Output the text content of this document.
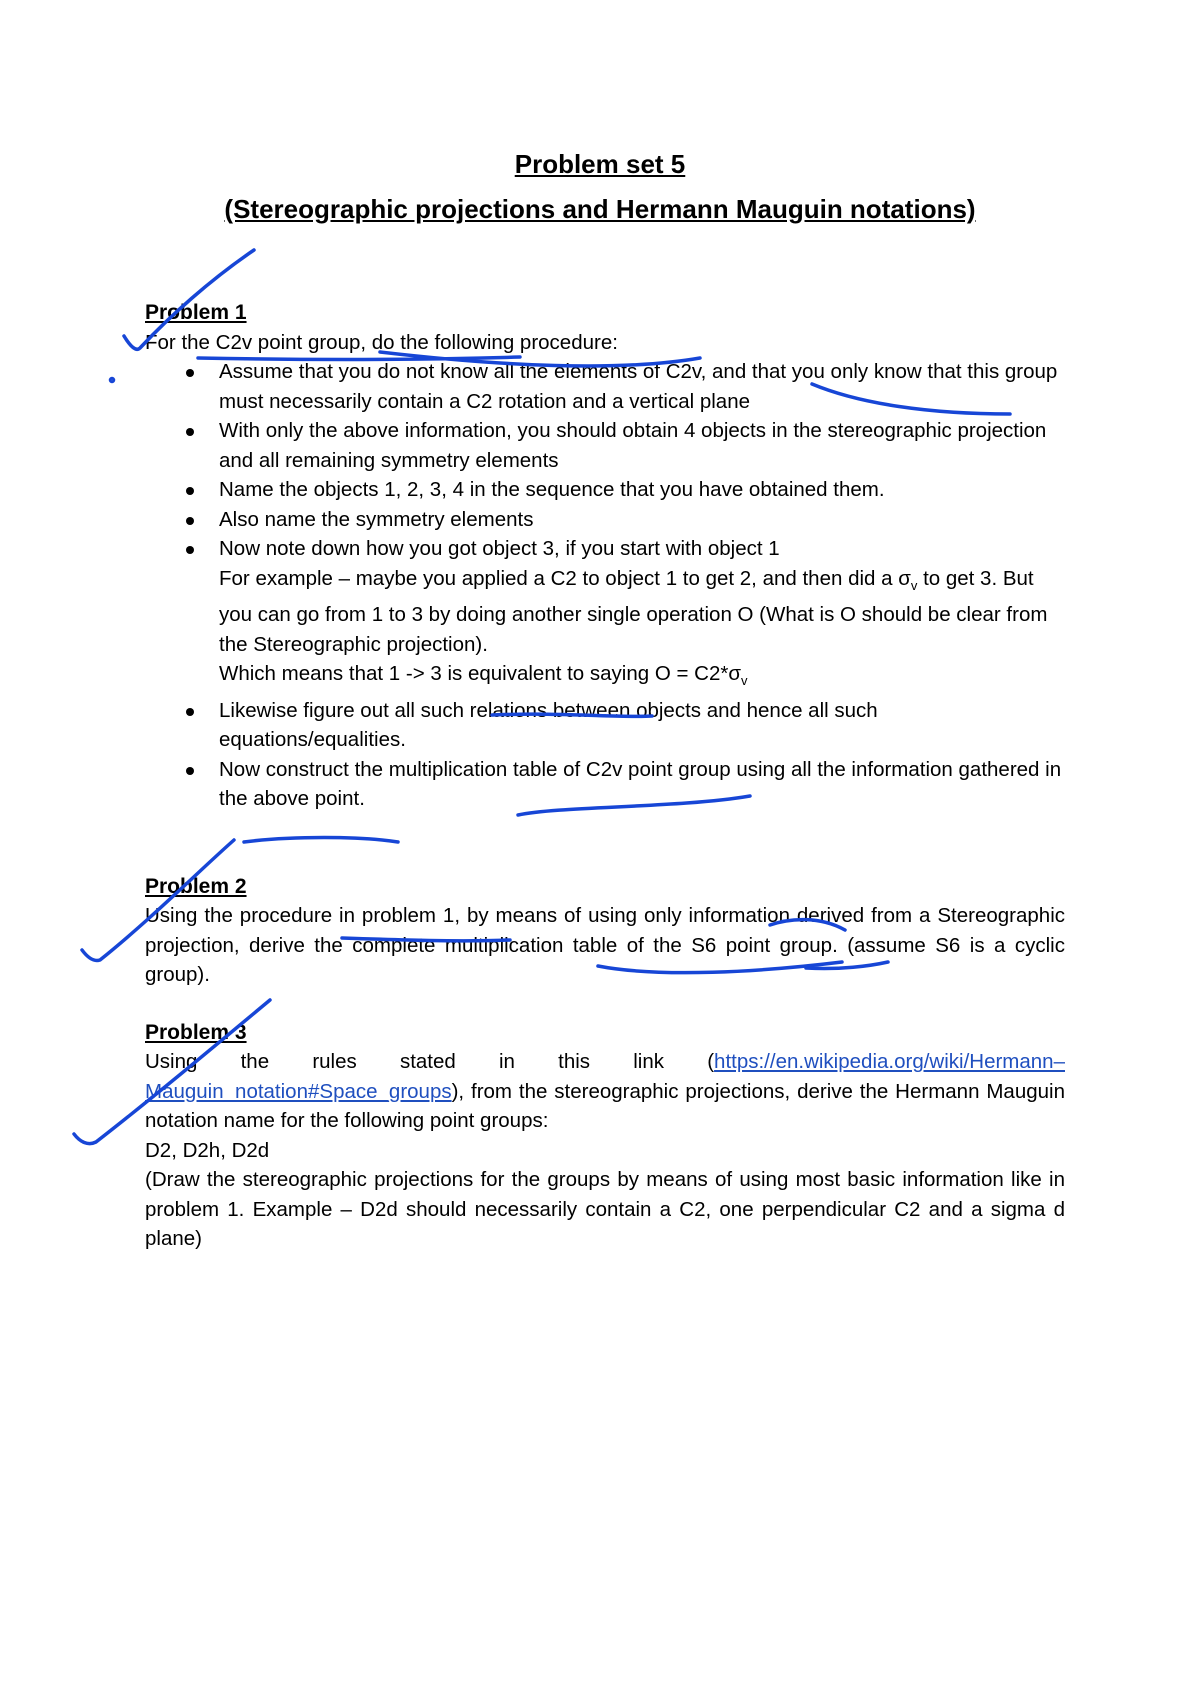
Problem set 5
(Stereographic projections and Hermann Mauguin notations)
Problem 1

For the C2v point group, do the following procedure:

Assume that you do not know all the elements of C2v, and that you only know that this group must necessarily contain a C2 rotation and a vertical plane
With only the above information, you should obtain 4 objects in the stereographic projection and all remaining symmetry elements
Name the objects 1, 2, 3, 4 in the sequence that you have obtained them.
Also name the symmetry elements
Now note down how you got object 3, if you start with object 1
For example – maybe you applied a C2 to object 1 to get 2, and then did a $\sigma_v$ to get 3. But you can go from 1 to 3 by doing another single operation O (What is O should be clear from the Stereographic projection).
Which means that 1 -> 3 is equivalent to saying $O = C2*\sigma_v$
Likewise figure out all such relations between objects and hence all such equations/equalities.
Now construct the multiplication table of C2v point group using all the information gathered in the above point.
Problem 2

Using the procedure in problem 1, by means of using only information derived from a Stereographic projection, derive the complete multiplication table of the S6 point group. (assume S6 is a cyclic group).

Problem 3

Using the rules stated in this link (https://en.wikipedia.org/wiki/Hermann–Mauguin_notation#Space_groups), from the stereographic projections, derive the Hermann Mauguin notation name for the following point groups:

D2, D2h, D2d

(Draw the stereographic projections for the groups by means of using most basic information like in problem 1. Example – D2d should necessarily contain a C2, one perpendicular C2 and a sigma d plane)
